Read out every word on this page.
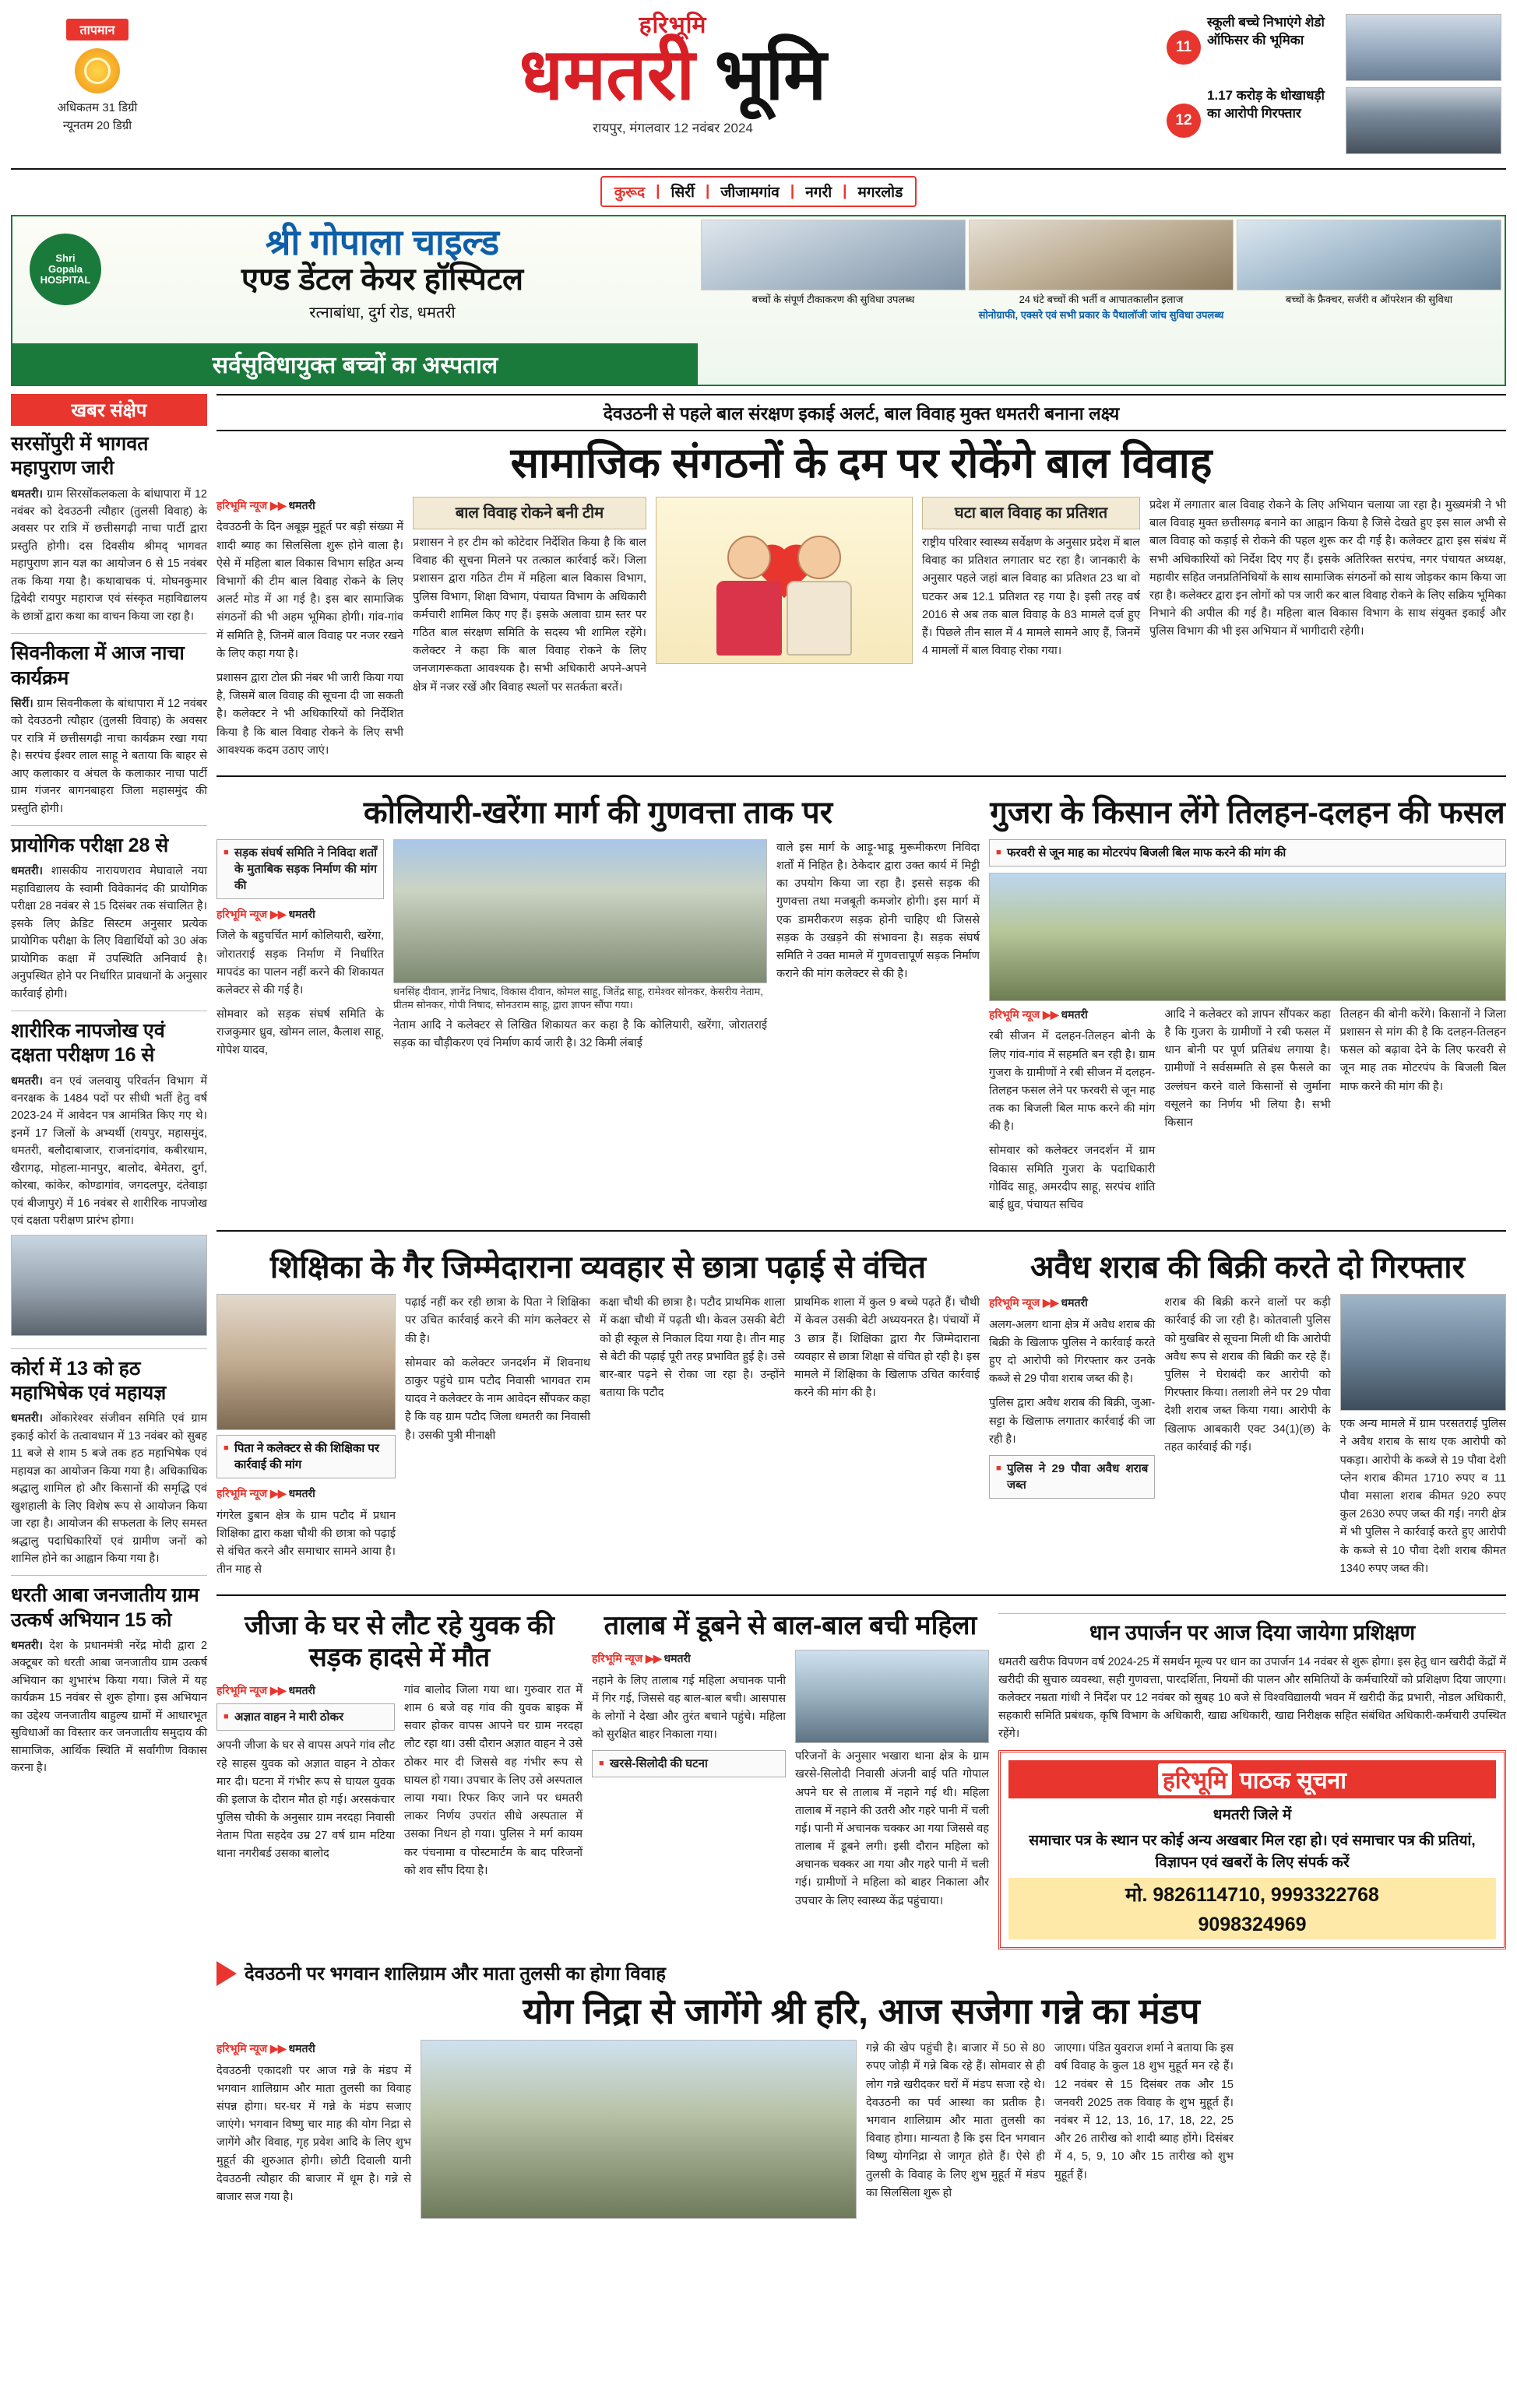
तापमान
अधिकतम 31 डिग्री
न्यूनतम 20 डिग्री
हरिभूमि
धमतरी भूमि
रायपुर, मंगलवार 12 नवंबर 2024
11
स्कूली बच्चे निभाएंगे शेडो ऑफिसर की भूमिका
12
1.17 करोड़ के धोखाधड़ी का आरोपी गिरफ्तार
कुरूद | सिर्री | जीजामगांव | नगरी | मगरलोड
Shri
Gopala
HOSPITAL
श्री गोपाला चाइल्ड
एण्ड डेंटल केयर हॉस्पिटल
रत्नाबांधा, दुर्ग रोड, धमतरी
सर्वसुविधायुक्त बच्चों का अस्पताल
बच्चों के संपूर्ण टीकाकरण की सुविधा उपलब्ध	24 घंटे बच्चों की भर्ती व आपातकालीन इलाज	बच्चों के फ्रैक्चर, सर्जरी व ऑपरेशन की सुविधा
सोनोग्राफी, एक्सरे एवं सभी प्रकार के पैथालॉजी जांच सुविधा उपलब्ध
खबर संक्षेप
सरसोंपुरी में भागवत महापुराण जारी

धमतरी। ग्राम सिरसोंकलकला के बांधापारा में 12 नवंबर को देवउठनी त्यौहार (तुलसी विवाह) के अवसर पर रात्रि में छत्तीसगढ़ी नाचा पार्टी द्वारा प्रस्तुति होगी। दस दिवसीय श्रीमद् भागवत महापुराण ज्ञान यज्ञ का आयोजन 6 से 15 नवंबर तक किया गया है। कथावाचक पं. मोघनकुमार द्विवेदी रायपुर महाराज एवं संस्कृत महाविद्यालय के छात्रों द्वारा कथा का वाचन किया जा रहा है।

सिवनीकला में आज नाचा कार्यक्रम

सिर्री। ग्राम सिवनीकला के बांधापारा में 12 नवंबर को देवउठनी त्यौहार (तुलसी विवाह) के अवसर पर रात्रि में छत्तीसगढ़ी नाचा कार्यक्रम रखा गया है। सरपंच ईश्वर लाल साहू ने बताया कि बाहर से आए कलाकार व अंचल के कलाकार नाचा पार्टी ग्राम गंजनर बागनबाहरा जिला महासमुंद की प्रस्तुति होगी।

प्रायोगिक परीक्षा 28 से

धमतरी। शासकीय नारायणराव मेघावाले नया महाविद्यालय के स्वामी विवेकानंद की प्रायोगिक परीक्षा 28 नवंबर से 15 दिसंबर तक संचालित है। इसके लिए क्रेडिट सिस्टम अनुसार प्रत्येक प्रायोगिक परीक्षा के लिए विद्यार्थियों को 30 अंक प्रायोगिक कक्षा में उपस्थिति अनिवार्य है। अनुपस्थित होने पर निर्धारित प्रावधानों के अनुसार कार्रवाई होगी।

शारीरिक नापजोख एवं दक्षता परीक्षण 16 से

धमतरी। वन एवं जलवायु परिवर्तन विभाग में वनरक्षक के 1484 पदों पर सीधी भर्ती हेतु वर्ष 2023-24 में आवेदन पत्र आमंत्रित किए गए थे। इनमें 17 जिलों के अभ्यर्थी (रायपुर, महासमुंद, धमतरी, बलौदाबाजार, राजनांदगांव, कबीरधाम, खैरागढ़, मोहला-मानपुर, बालोद, बेमेतरा, दुर्ग, कोरबा, कांकेर, कोण्डागांव, जगदलपुर, दंतेवाड़ा एवं बीजापुर) में 16 नवंबर से शारीरिक नापजोख एवं दक्षता परीक्षण प्रारंभ होगा।

कोर्रा में 13 को हठ महाभिषेक एवं महायज्ञ

धमतरी। ओंकारेश्वर संजीवन समिति एवं ग्राम इकाई कोर्रा के तत्वावधान में 13 नवंबर को सुबह 11 बजे से शाम 5 बजे तक हठ महाभिषेक एवं महायज्ञ का आयोजन किया गया है। अधिकाधिक श्रद्धालु शामिल हो और किसानों की समृद्धि एवं खुशहाली के लिए विशेष रूप से आयोजन किया जा रहा है। आयोजन की सफलता के लिए समस्त श्रद्धालु पदाधिकारियों एवं ग्रामीण जनों को शामिल होने का आह्वान किया गया है।

धरती आबा जनजातीय ग्राम उत्कर्ष अभियान 15 को

धमतरी। देश के प्रधानमंत्री नरेंद्र मोदी द्वारा 2 अक्टूबर को धरती आबा जनजातीय ग्राम उत्कर्ष अभियान का शुभारंभ किया गया। जिले में यह कार्यक्रम 15 नवंबर से शुरू होगा। इस अभियान का उद्देश्य जनजातीय बाहुल्य ग्रामों में आधारभूत सुविधाओं का विस्तार कर जनजातीय समुदाय की सामाजिक, आर्थिक स्थिति में सर्वांगीण विकास करना है।

देवउठनी से पहले बाल संरक्षण इकाई अलर्ट, बाल विवाह मुक्त धमतरी बनाना लक्ष्य
सामाजिक संगठनों के दम पर रोकेंगे बाल विवाह
हरिभूमि न्यूज ▶▶ धमतरी

देवउठनी के दिन अबूझ मुहूर्त पर बड़ी संख्या में शादी ब्याह का सिलसिला शुरू होने वाला है। ऐसे में महिला बाल विकास विभाग सहित अन्य विभागों की टीम बाल विवाह रोकने के लिए अलर्ट मोड में आ गई है। इस बार सामाजिक संगठनों की भी अहम भूमिका होगी। गांव-गांव में समिति है, जिनमें बाल विवाह पर नजर रखने के लिए कहा गया है।

प्रशासन द्वारा टोल फ्री नंबर भी जारी किया गया है, जिसमें बाल विवाह की सूचना दी जा सकती है। कलेक्टर ने भी अधिकारियों को निर्देशित किया है कि बाल विवाह रोकने के लिए सभी आवश्यक कदम उठाए जाएं।

बाल विवाह रोकने बनी टीम

प्रशासन ने हर टीम को कोटेदार निर्देशित किया है कि बाल विवाह की सूचना मिलने पर तत्काल कार्रवाई करें। जिला प्रशासन द्वारा गठित टीम में महिला बाल विकास विभाग, पुलिस विभाग, शिक्षा विभाग, पंचायत विभाग के अधिकारी कर्मचारी शामिल किए गए हैं। इसके अलावा ग्राम स्तर पर गठित बाल संरक्षण समिति के सदस्य भी शामिल रहेंगे। कलेक्टर ने कहा कि बाल विवाह रोकने के लिए जनजागरूकता आवश्यक है। सभी अधिकारी अपने-अपने क्षेत्र में नजर रखें और विवाह स्थलों पर सतर्कता बरतें।

घटा बाल विवाह का प्रतिशत

राष्ट्रीय परिवार स्वास्थ्य सर्वेक्षण के अनुसार प्रदेश में बाल विवाह का प्रतिशत लगातार घट रहा है। जानकारी के अनुसार पहले जहां बाल विवाह का प्रतिशत 23 था वो घटकर अब 12.1 प्रतिशत रह गया है। इसी तरह वर्ष 2016 से अब तक बाल विवाह के 83 मामले दर्ज हुए हैं। पिछले तीन साल में 4 मामले सामने आए हैं, जिनमें 4 मामलों में बाल विवाह रोका गया।

प्रदेश में लगातार बाल विवाह रोकने के लिए अभियान चलाया जा रहा है। मुख्यमंत्री ने भी बाल विवाह मुक्त छत्तीसगढ़ बनाने का आह्वान किया है जिसे देखते हुए इस साल अभी से बाल विवाह को कड़ाई से रोकने की पहल शुरू कर दी गई है। कलेक्टर द्वारा इस संबंध में सभी अधिकारियों को निर्देश दिए गए हैं। इसके अतिरिक्त सरपंच, नगर पंचायत अध्यक्ष, महावीर सहित जनप्रतिनिधियों के साथ सामाजिक संगठनों को साथ जोड़कर काम किया जा रहा है। कलेक्टर द्वारा इन लोगों को पत्र जारी कर बाल विवाह रोकने के लिए सक्रिय भूमिका निभाने की अपील की गई है। महिला बाल विकास विभाग के साथ संयुक्त इकाई और पुलिस विभाग की भी इस अभियान में भागीदारी रहेगी।

कोलियारी-खरेंगा मार्ग की गुणवत्ता ताक पर
■ सड़क संघर्ष समिति ने निविदा शर्तों के मुताबिक सड़क निर्माण की मांग की
हरिभूमि न्यूज ▶▶ धमतरी

जिले के बहुचर्चित मार्ग कोलियारी, खरेंगा, जोरातराई सड़क निर्माण में निर्धारित मापदंड का पालन नहीं करने की शिकायत कलेक्टर से की गई है।

सोमवार को सड़क संघर्ष समिति के राजकुमार ध्रुव, खोमन लाल, कैलाश साहू, गोपेश यादव,

धनसिंह दीवान, ज्ञानेंद्र निषाद, विकास दीवान, कोमल साहू, जितेंद्र साहू, रामेश्वर सोनकर, केसरीय नेताम, प्रीतम सोनकर, गोपी निषाद, सोनउराम साहू, द्वारा ज्ञापन सौंपा गया।

नेताम आदि ने कलेक्टर से लिखित शिकायत कर कहा है कि कोलियारी, खरेंगा, जोरातराई सड़क का चौड़ीकरण एवं निर्माण कार्य जारी है। 32 किमी लंबाई

वाले इस मार्ग के आड़ू-भाडू मुरूमीकरण निविदा शर्तों में निहित है। ठेकेदार द्वारा उक्त कार्य में मिट्टी का उपयोग किया जा रहा है। इससे सड़क की गुणवत्ता तथा मजबूती कमजोर होगी। इस मार्ग में एक डामरीकरण सड़क होनी चाहिए थी जिससे सड़क के उखड़ने की संभावना है। सड़क संघर्ष समिति ने उक्त मामले में गुणवत्तापूर्ण सड़क निर्माण कराने की मांग कलेक्टर से की है।

गुजरा के किसान लेंगे तिलहन-दलहन की फसल
■ फरवरी से जून माह का मोटरपंप बिजली बिल माफ करने की मांग की
हरिभूमि न्यूज ▶▶ धमतरी

रबी सीजन में दलहन-तिलहन बोनी के लिए गांव-गांव में सहमति बन रही है। ग्राम गुजरा के ग्रामीणों ने रबी सीजन में दलहन-तिलहन फसल लेने पर फरवरी से जून माह तक का बिजली बिल माफ करने की मांग की है।

सोमवार को कलेक्टर जनदर्शन में ग्राम विकास समिति गुजरा के पदाधिकारी गोविंद साहू, अमरदीप साहू, सरपंच शांति बाई ध्रुव, पंचायत सचिव

आदि ने कलेक्टर को ज्ञापन सौंपकर कहा है कि गुजरा के ग्रामीणों ने रबी फसल में धान बोनी पर पूर्ण प्रतिबंध लगाया है। ग्रामीणों ने सर्वसम्मति से इस फैसले का उल्लंघन करने वाले किसानों से जुर्माना वसूलने का निर्णय भी लिया है। सभी किसान

तिलहन की बोनी करेंगे। किसानों ने जिला प्रशासन से मांग की है कि दलहन-तिलहन फसल को बढ़ावा देने के लिए फरवरी से जून माह तक मोटरपंप के बिजली बिल माफ करने की मांग की है।

शिक्षिका के गैर जिम्मेदाराना व्यवहार से छात्रा पढ़ाई से वंचित
■ पिता ने कलेक्टर से की शिक्षिका पर कार्रवाई की मांग
हरिभूमि न्यूज ▶▶ धमतरी

गंगरेल डुबान क्षेत्र के ग्राम पटौद में प्रधान शिक्षिका द्वारा कक्षा चौथी की छात्रा को पढ़ाई से वंचित करने और समाचार सामने आया है। तीन माह से

पढ़ाई नहीं कर रही छात्रा के पिता ने शिक्षिका पर उचित कार्रवाई करने की मांग कलेक्टर से की है।

सोमवार को कलेक्टर जनदर्शन में शिवनाथ ठाकुर पहुंचे ग्राम पटौद निवासी भागवत राम यादव ने कलेक्टर के नाम आवेदन सौंपकर कहा है कि वह ग्राम पटौद जिला धमतरी का निवासी है। उसकी पुत्री मीनाक्षी

कक्षा चौथी की छात्रा है। पटौद प्राथमिक शाला में कक्षा चौथी में पढ़ती थी। केवल उसकी बेटी को ही स्कूल से निकाल दिया गया है। तीन माह से बेटी की पढ़ाई पूरी तरह प्रभावित हुई है। उसे बार-बार पढ़ने से रोका जा रहा है। उन्होंने बताया कि पटौद

प्राथमिक शाला में कुल 9 बच्चे पढ़ते हैं। चौथी में केवल उसकी बेटी अध्ययनरत है। पंचायों में 3 छात्र हैं। शिक्षिका द्वारा गैर जिम्मेदाराना व्यवहार से छात्रा शिक्षा से वंचित हो रही है। इस मामले में शिक्षिका के खिलाफ उचित कार्रवाई करने की मांग की है।

अवैध शराब की बिक्री करते दो गिरफ्तार
हरिभूमि न्यूज ▶▶ धमतरी

अलग-अलग थाना क्षेत्र में अवैध शराब की बिक्री के खिलाफ पुलिस ने कार्रवाई करते हुए दो आरोपी को गिरफ्तार कर उनके कब्जे से 29 पौवा शराब जब्त की है।

पुलिस द्वारा अवैध शराब की बिक्री, जुआ-सट्टा के खिलाफ लगातार कार्रवाई की जा रही है।

■ पुलिस ने 29 पौवा अवैध शराब जब्त

शराब की बिक्री करने वालों पर कड़ी कार्रवाई की जा रही है। कोतवाली पुलिस को मुखबिर से सूचना मिली थी कि आरोपी अवैध रूप से शराब की बिक्री कर रहे हैं। पुलिस ने घेराबंदी कर आरोपी को गिरफ्तार किया। तलाशी लेने पर 29 पौवा देशी शराब जब्त किया गया। आरोपी के खिलाफ आबकारी एक्ट 34(1)(छ) के तहत कार्रवाई की गई।

एक अन्य मामले में ग्राम परसतराई पुलिस ने अवैध शराब के साथ एक आरोपी को पकड़ा। आरोपी के कब्जे से 19 पौवा देशी प्लेन शराब कीमत 1710 रुपए व 11 पौवा मसाला शराब कीमत 920 रुपए कुल 2630 रुपए जब्त की गई। नगरी क्षेत्र में भी पुलिस ने कार्रवाई करते हुए आरोपी के कब्जे से 10 पौवा देशी शराब कीमत 1340 रुपए जब्त की।

जीजा के घर से लौट रहे युवक की सड़क हादसे में मौत
हरिभूमि न्यूज ▶▶ धमतरी
■ अज्ञात वाहन ने मारी ठोकर

अपनी जीजा के घर से वापस अपने गांव लौट रहे साहस युवक को अज्ञात वाहन ने ठोकर मार दी। घटना में गंभीर रूप से घायल युवक की इलाज के दौरान मौत हो गई। अरसकंचार पुलिस चौकी के अनुसार ग्राम नरदहा निवासी नेताम पिता सहदेव उम्र 27 वर्ष ग्राम मटिया थाना नगरीबर्ड उसका बालोद

गांव बालोद जिला गया था। गुरुवार रात में शाम 6 बजे वह गांव की युवक बाइक में सवार होकर वापस आपने घर ग्राम नरदहा लौट रहा था। उसी दौरान अज्ञात वाहन ने उसे ठोकर मार दी जिससे वह गंभीर रूप से घायल हो गया। उपचार के लिए उसे अस्पताल लाया गया। रिफर किए जाने पर धमतरी लाकर निर्णय उपरांत सीधे अस्पताल में उसका निधन हो गया। पुलिस ने मर्ग कायम कर पंचनामा व पोस्टमार्टम के बाद परिजनों को शव सौंप दिया है।

तालाब में डूबने से बाल-बाल बची महिला
हरिभूमि न्यूज ▶▶ धमतरी

नहाने के लिए तालाब गई महिला अचानक पानी में गिर गई, जिससे वह बाल-बाल बची। आसपास के लोगों ने देखा और तुरंत बचाने पहुंचे। महिला को सुरक्षित बाहर निकाला गया।

■ खरसे-सिलोदी की घटना

परिजनों के अनुसार भखारा थाना क्षेत्र के ग्राम खरसे-सिलोदी निवासी अंजनी बाई पति गोपाल अपने घर से तालाब में नहाने गई थी। महिला तालाब में नहाने की उतरी और गहरे पानी में चली गई। पानी में अचानक चक्कर आ गया जिससे वह तालाब में डूबने लगी। इसी दौरान महिला को अचानक चक्कर आ गया और गहरे पानी में चली गई। ग्रामीणों ने महिला को बाहर निकाला और उपचार के लिए स्वास्थ्य केंद्र पहुंचाया।

धान उपार्जन पर आज दिया जायेगा प्रशिक्षण

धमतरी खरीफ विपणन वर्ष 2024-25 में समर्थन मूल्य पर धान का उपार्जन 14 नवंबर से शुरू होगा। इस हेतु धान खरीदी केंद्रों में खरीदी की सुचारु व्यवस्था, सही गुणवत्ता, पारदर्शिता, नियमों की पालन और समितियों के कर्मचारियों को प्रशिक्षण दिया जाएगा। कलेक्टर नम्रता गांधी ने निर्देश पर 12 नवंबर को सुबह 10 बजे से विश्वविद्यालयी भवन में खरीदी केंद्र प्रभारी, नोडल अधिकारी, सहकारी समिति प्रबंधक, कृषि विभाग के अधिकारी, खाद्य अधिकारी, खाद्य निरीक्षक सहित संबंधित अधिकारी-कर्मचारी उपस्थित रहेंगे।

हरिभूमि पाठक सूचना

धमतरी जिले में

समाचार पत्र के स्थान पर कोई अन्य अखबार मिल रहा हो। एवं समाचार पत्र की प्रतियां, विज्ञापन एवं खबरों के लिए संपर्क करें

मो. 9826114710, 9993322768
9098324969
देवउठनी पर भगवान शालिग्राम और माता तुलसी का होगा विवाह
योग निद्रा से जागेंगे श्री हरि, आज सजेगा गन्ने का मंडप
हरिभूमि न्यूज ▶▶ धमतरी

देवउठनी एकादशी पर आज गन्ने के मंडप में भगवान शालिग्राम और माता तुलसी का विवाह संपन्न होगा। घर-घर में गन्ने के मंडप सजाए जाएंगे। भगवान विष्णु चार माह की योग निद्रा से जागेंगे और विवाह, गृह प्रवेश आदि के लिए शुभ मुहूर्त की शुरुआत होगी। छोटी दिवाली यानी देवउठनी त्यौहार की बाजार में धूम है। गन्ने से बाजार सज गया है।

गन्ने की खेप पहुंची है। बाजार में 50 से 80 रुपए जोड़ी में गन्ने बिक रहे हैं। सोमवार से ही लोग गन्ने खरीदकर घरों में मंडप सजा रहे थे। देवउठनी का पर्व आस्था का प्रतीक है। भगवान शालिग्राम और माता तुलसी का विवाह होगा। मान्यता है कि इस दिन भगवान विष्णु योगनिद्रा से जागृत होते हैं। ऐसे ही तुलसी के विवाह के लिए शुभ मुहूर्त में मंडप का सिलसिला शुरू हो

जाएगा। पंडित युवराज शर्मा ने बताया कि इस वर्ष विवाह के कुल 18 शुभ मुहूर्त मन रहे हैं। 12 नवंबर से 15 दिसंबर तक और 15 जनवरी 2025 तक विवाह के शुभ मुहूर्त हैं। नवंबर में 12, 13, 16, 17, 18, 22, 25 और 26 तारीख को शादी ब्याह होंगे। दिसंबर में 4, 5, 9, 10 और 15 तारीख को शुभ मुहूर्त हैं।
